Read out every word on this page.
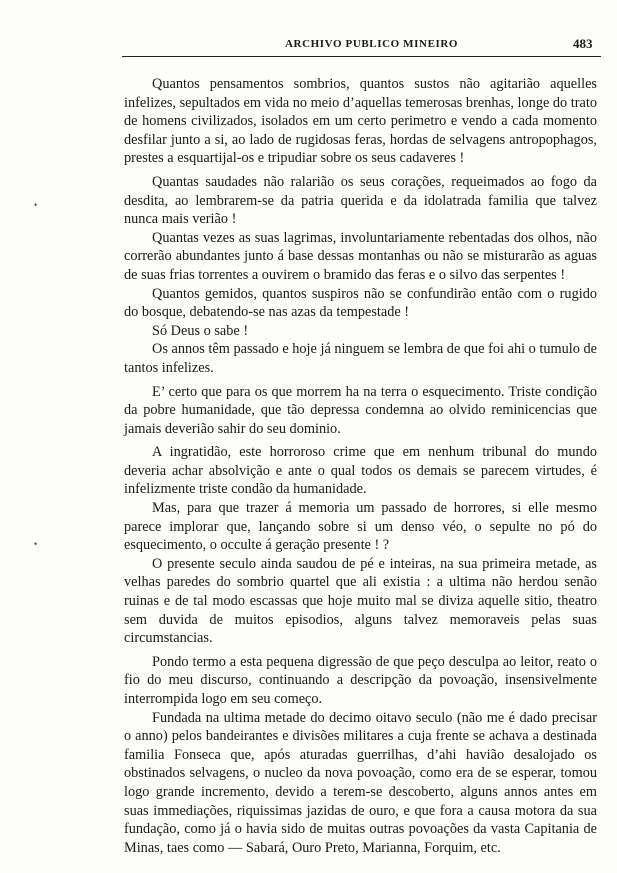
ARCHIVO PUBLICO MINEIRO	483
•
•

Quantos pensamentos sombrios, quantos sustos não agitarião aquelles infelizes, sepultados em vida no meio d’aquellas temerosas brenhas, longe do trato de homens civilizados, isolados em um certo perimetro e vendo a cada momento desfilar junto a si, ao lado de rugidosas feras, hordas de selvagens antropophagos, prestes a esquartijal-os e tripudiar sobre os seus cadaveres !

Quantas saudades não ralarião os seus corações, requeimados ao fogo da desdita, ao lembrarem-se da patria querida e da idolatrada familia que talvez nunca mais verião !

Quantas vezes as suas lagrimas, involuntariamente rebentadas dos olhos, não correrão abundantes junto á base dessas montanhas ou não se misturarão as aguas de suas frias torrentes a ouvirem o bramido das feras e o silvo das serpentes !

Quantos gemidos, quantos suspiros não se confundirão então com o rugido do bosque, debatendo-se nas azas da tempestade !

Só Deus o sabe !

Os annos têm passado e hoje já ninguem se lembra de que foi ahi o tumulo de tantos infelizes.

E’ certo que para os que morrem ha na terra o esquecimento. Triste condição da pobre humanidade, que tão depressa condemna ao olvido reminicencias que jamais deverião sahir do seu dominio.

A ingratidão, este horroroso crime que em nenhum tribunal do mundo deveria achar absolvição e ante o qual todos os demais se parecem virtudes, é infelizmente triste condão da humanidade.

Mas, para que trazer á memoria um passado de horrores, si elle mesmo parece implorar que, lançando sobre si um denso véo, o sepulte no pó do esquecimento, o occulte á geração presente ! ?

O presente seculo ainda saudou de pé e inteiras, na sua primeira metade, as velhas paredes do sombrio quartel que ali existia : a ultima não herdou senão ruinas e de tal modo escassas que hoje muito mal se diviza aquelle sitio, theatro sem duvida de muitos episodios, alguns talvez memoraveis pelas suas circumstancias.

Pondo termo a esta pequena digressão de que peço desculpa ao leitor, reato o fio do meu discurso, continuando a descripção da povoação, insensivelmente interrompida logo em seu começo.

Fundada na ultima metade do decimo oitavo seculo (não me é dado precisar o anno) pelos bandeirantes e divisões militares a cuja frente se achava a destinada familia Fonseca que, após aturadas guerrilhas, d’ahi havião desalojado os obstinados selvagens, o nucleo da nova povoação, como era de se esperar, tomou logo grande incremento, devido a terem-se descoberto, alguns annos antes em suas immediações, riquissimas jazidas de ouro, e que fora a causa motora da sua fundação, como já o havia sido de muitas outras povoações da vasta Capitania de Minas, taes como — Sabará, Ouro Preto, Marianna, Forquim, etc.
